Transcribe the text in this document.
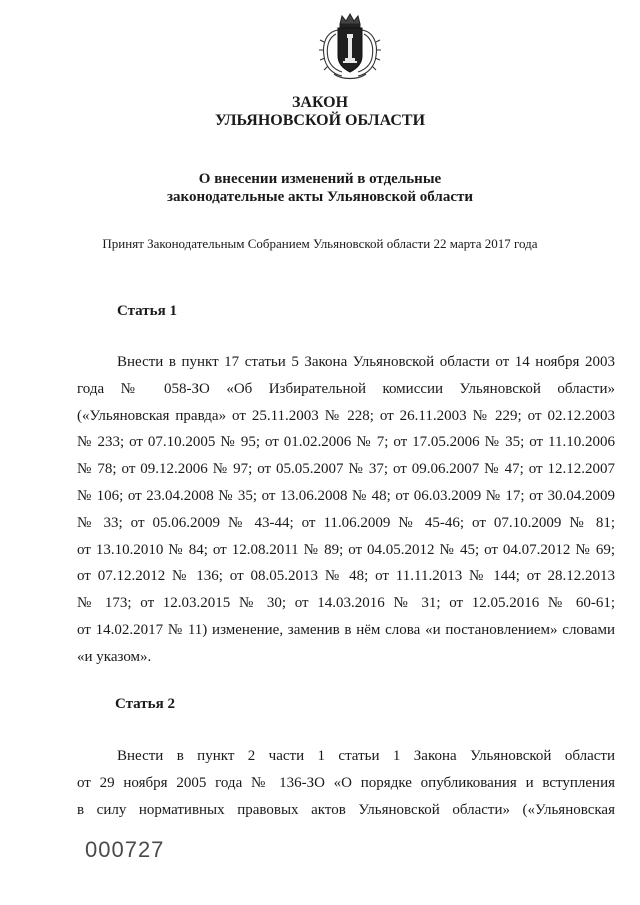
ЗАКОН
УЛЬЯНОВСКОЙ ОБЛАСТИ
О внесении изменений в отдельные
законодательные акты Ульяновской области
Принят Законодательным Собранием Ульяновской области 22 марта 2017 года
Статья 1
Внести в пункт 17 статьи 5 Закона Ульяновской области от 14 ноября 2003
года № 058-ЗО «Об Избирательной комиссии Ульяновской области»
(«Ульяновская правда» от 25.11.2003 № 228; от 26.11.2003 № 229; от 02.12.2003
№ 233; от 07.10.2005 № 95; от 01.02.2006 № 7; от 17.05.2006 № 35; от 11.10.2006
№ 78; от 09.12.2006 № 97; от 05.05.2007 № 37; от 09.06.2007 № 47; от 12.12.2007
№ 106; от 23.04.2008 № 35; от 13.06.2008 № 48; от 06.03.2009 № 17; от 30.04.2009
№ 33; от 05.06.2009 № 43-44; от 11.06.2009 № 45-46; от 07.10.2009 № 81;
от 13.10.2010 № 84; от 12.08.2011 № 89; от 04.05.2012 № 45; от 04.07.2012 № 69;
от 07.12.2012 № 136; от 08.05.2013 № 48; от 11.11.2013 № 144; от 28.12.2013
№ 173; от 12.03.2015 № 30; от 14.03.2016 № 31; от 12.05.2016 № 60-61;
от 14.02.2017 № 11) изменение, заменив в нём слова «и постановлением» словами
«и указом».
Статья 2
Внести в пункт 2 части 1 статьи 1 Закона Ульяновской области
от 29 ноября 2005 года № 136-ЗО «О порядке опубликования и вступления
в силу нормативных правовых актов Ульяновской области» («Ульяновская
000727
